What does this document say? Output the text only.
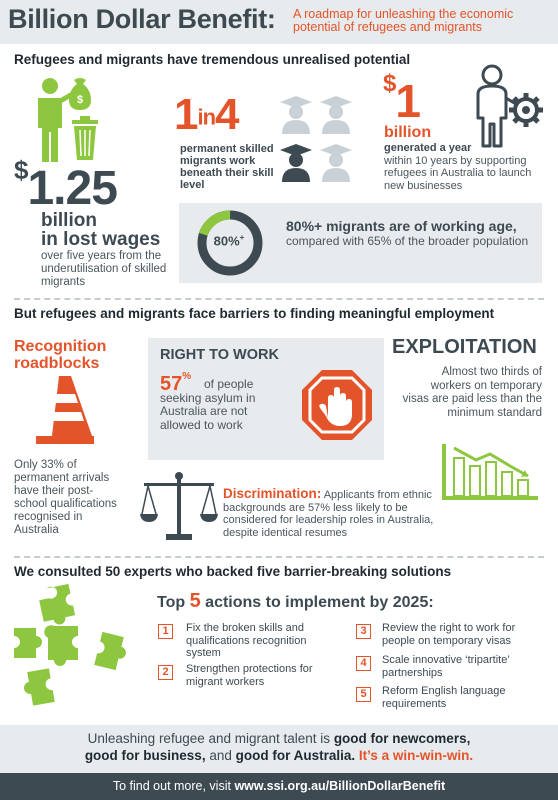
Billion Dollar Benefit: A roadmap for unleashing the economic potential of refugees and migrants
Refugees and migrants have tremendous unrealised potential
$
$1.25
billion
in lost wages
over five years from the underutilisation of skilled migrants
1in4
permanent skilled migrants work beneath their skill level
$1
billion
generated a year
within 10 years by supporting refugees in Australia to launch new businesses
80%+
80%+ migrants are of working age, compared with 65% of the broader population
But refugees and migrants face barriers to finding meaningful employment
Recognition
roadblocks
Only 33% of permanent arrivals have their post-school qualifications recognised in Australia
RIGHT TO WORK
of people seeking asylum in Australia are not allowed to work
57%
EXPLOITATION
Almost two thirds of workers on temporary visas are paid less than the minimum standard
Discrimination: Applicants from ethnic backgrounds are 57% less likely to be considered for leadership roles in Australia, despite identical resumes
We consulted 50 experts who backed five barrier-breaking solutions
Top 5 actions to implement by 2025:
1	Fix the broken skills and qualifications recognition system
2	Strengthen protections for migrant workers
3	Review the right to work for people on temporary visas
4	Scale innovative ‘tripartite’ partnerships
5	Reform English language requirements
Unleashing refugee and migrant talent is good for newcomers,
good for business, and good for Australia. It’s a win-win-win.
To find out more, visit www.ssi.org.au/BillionDollarBenefit
